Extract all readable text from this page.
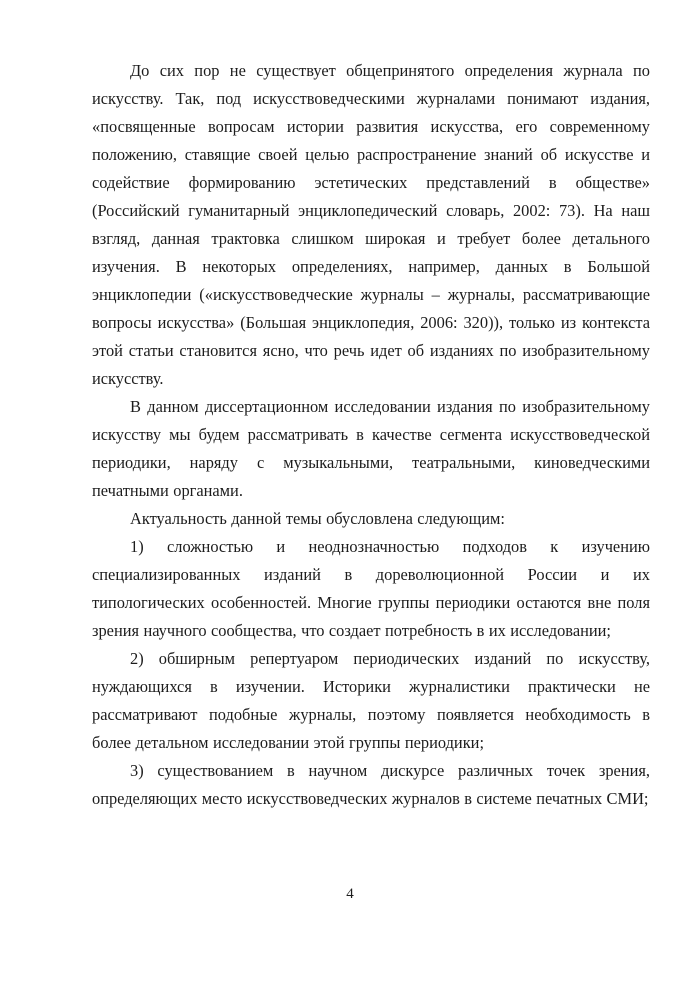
До сих пор не существует общепринятого определения журнала по искусству. Так, под искусствоведческими журналами понимают издания, «посвященные вопросам истории развития искусства, его современному положению, ставящие своей целью распространение знаний об искусстве и содействие формированию эстетических представлений в обществе» (Российский гуманитарный энциклопедический словарь, 2002: 73). На наш взгляд, данная трактовка слишком широкая и требует более детального изучения. В некоторых определениях, например, данных в Большой энциклопедии («искусствоведческие журналы – журналы, рассматривающие вопросы искусства» (Большая энциклопедия, 2006: 320)), только из контекста этой статьи становится ясно, что речь идет об изданиях по изобразительному искусству.

В данном диссертационном исследовании издания по изобразительному искусству мы будем рассматривать в качестве сегмента искусствоведческой периодики, наряду с музыкальными, театральными, киноведческими печатными органами.

Актуальность данной темы обусловлена следующим:

1) сложностью и неоднозначностью подходов к изучению специализированных изданий в дореволюционной России и их типологических особенностей. Многие группы периодики остаются вне поля зрения научного сообщества, что создает потребность в их исследовании;

2) обширным репертуаром периодических изданий по искусству, нуждающихся в изучении. Историки журналистики практически не рассматривают подобные журналы, поэтому появляется необходимость в более детальном исследовании этой группы периодики;

3) существованием в научном дискурсе различных точек зрения, определяющих место искусствоведческих журналов в системе печатных СМИ;

4
